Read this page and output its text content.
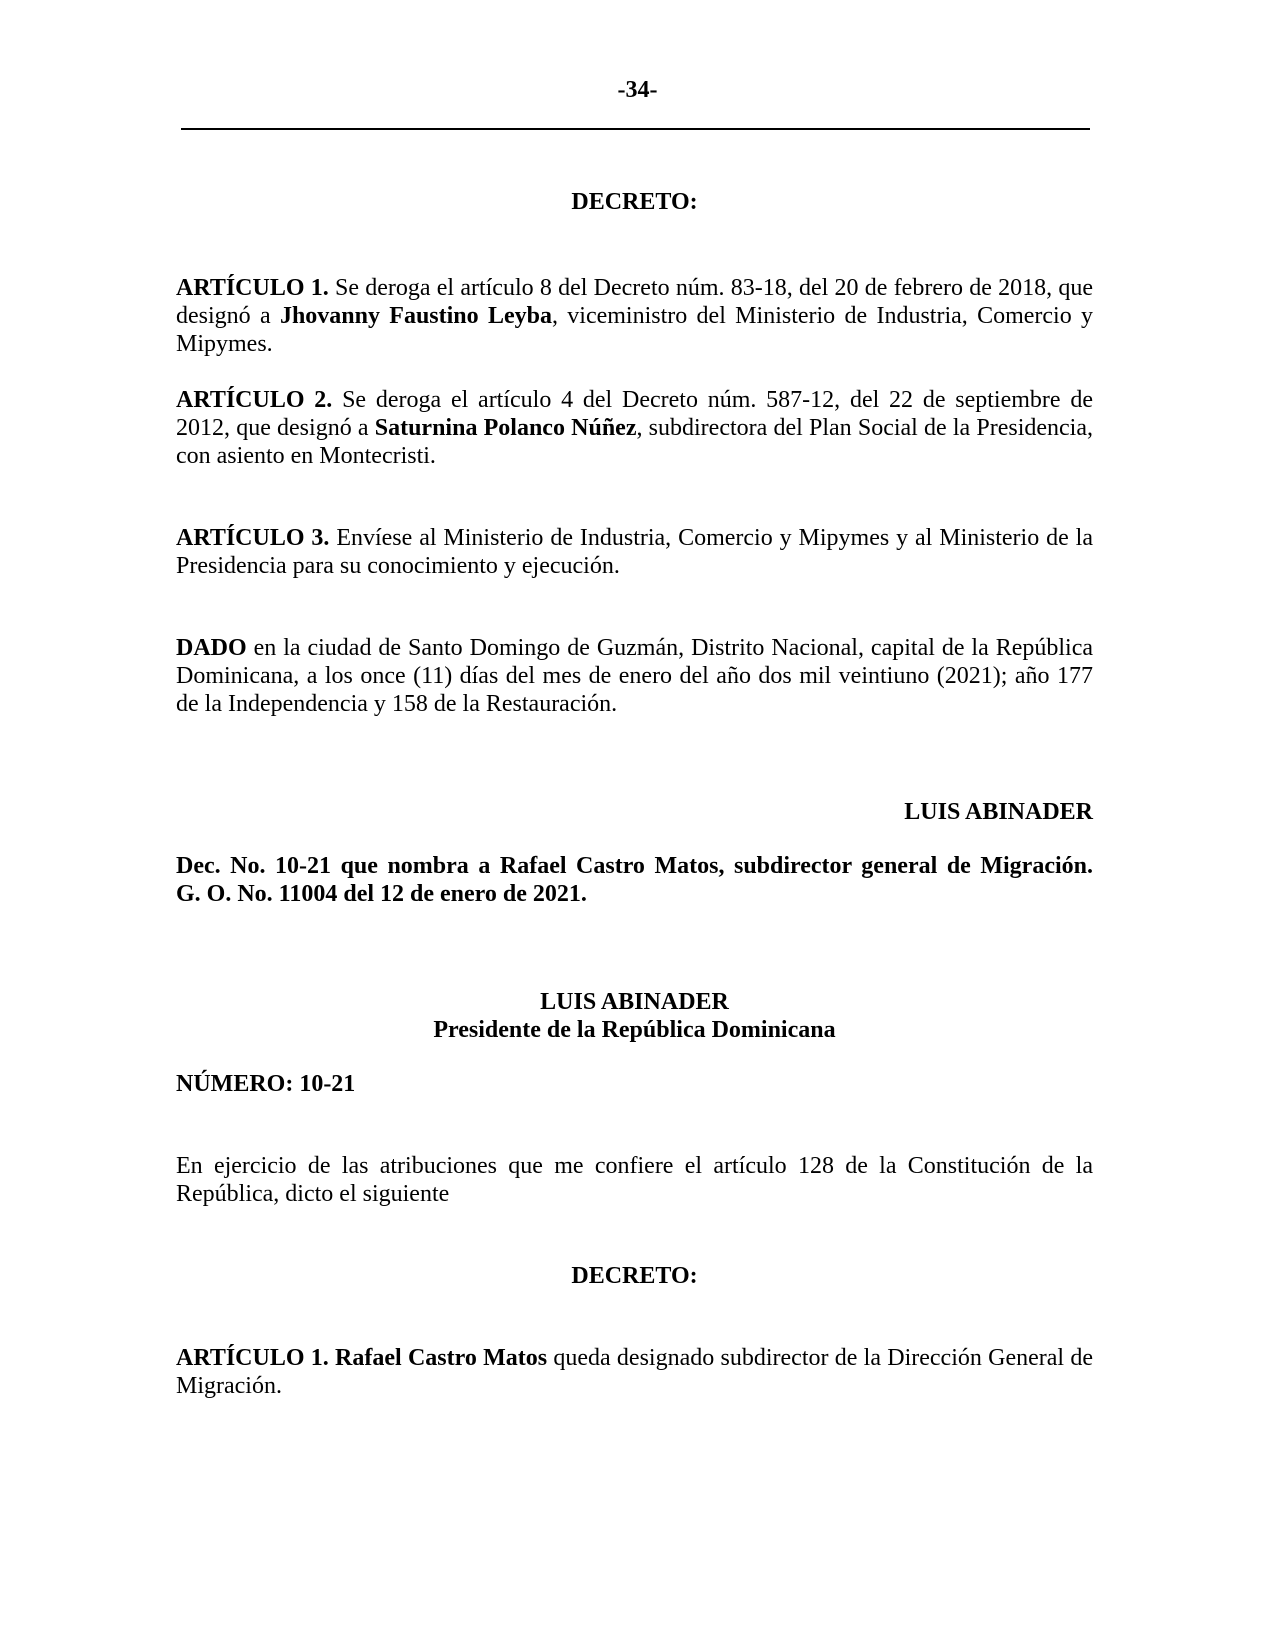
-34-
DECRETO:

ARTÍCULO 1. Se deroga el artículo 8 del Decreto núm. 83-18, del 20 de febrero de 2018, que designó a Jhovanny Faustino Leyba, viceministro del Ministerio de Industria, Comercio y Mipymes.

ARTÍCULO 2. Se deroga el artículo 4 del Decreto núm. 587-12, del 22 de septiembre de 2012, que designó a Saturnina Polanco Núñez, subdirectora del Plan Social de la Presidencia, con asiento en Montecristi.

ARTÍCULO 3. Envíese al Ministerio de Industria, Comercio y Mipymes y al Ministerio de la Presidencia para su conocimiento y ejecución.

DADO en la ciudad de Santo Domingo de Guzmán, Distrito Nacional, capital de la República Dominicana, a los once (11) días del mes de enero del año dos mil veintiuno (2021); año 177 de la Independencia y 158 de la Restauración.

LUIS ABINADER

Dec. No. 10-21 que nombra a Rafael Castro Matos, subdirector general de Migración.

G. O. No. 11004 del 12 de enero de 2021.

LUIS ABINADER

Presidente de la República Dominicana

NÚMERO: 10-21

En ejercicio de las atribuciones que me confiere el artículo 128 de la Constitución de la República, dicto el siguiente

DECRETO:

ARTÍCULO 1. Rafael Castro Matos queda designado subdirector de la Dirección General de Migración.
